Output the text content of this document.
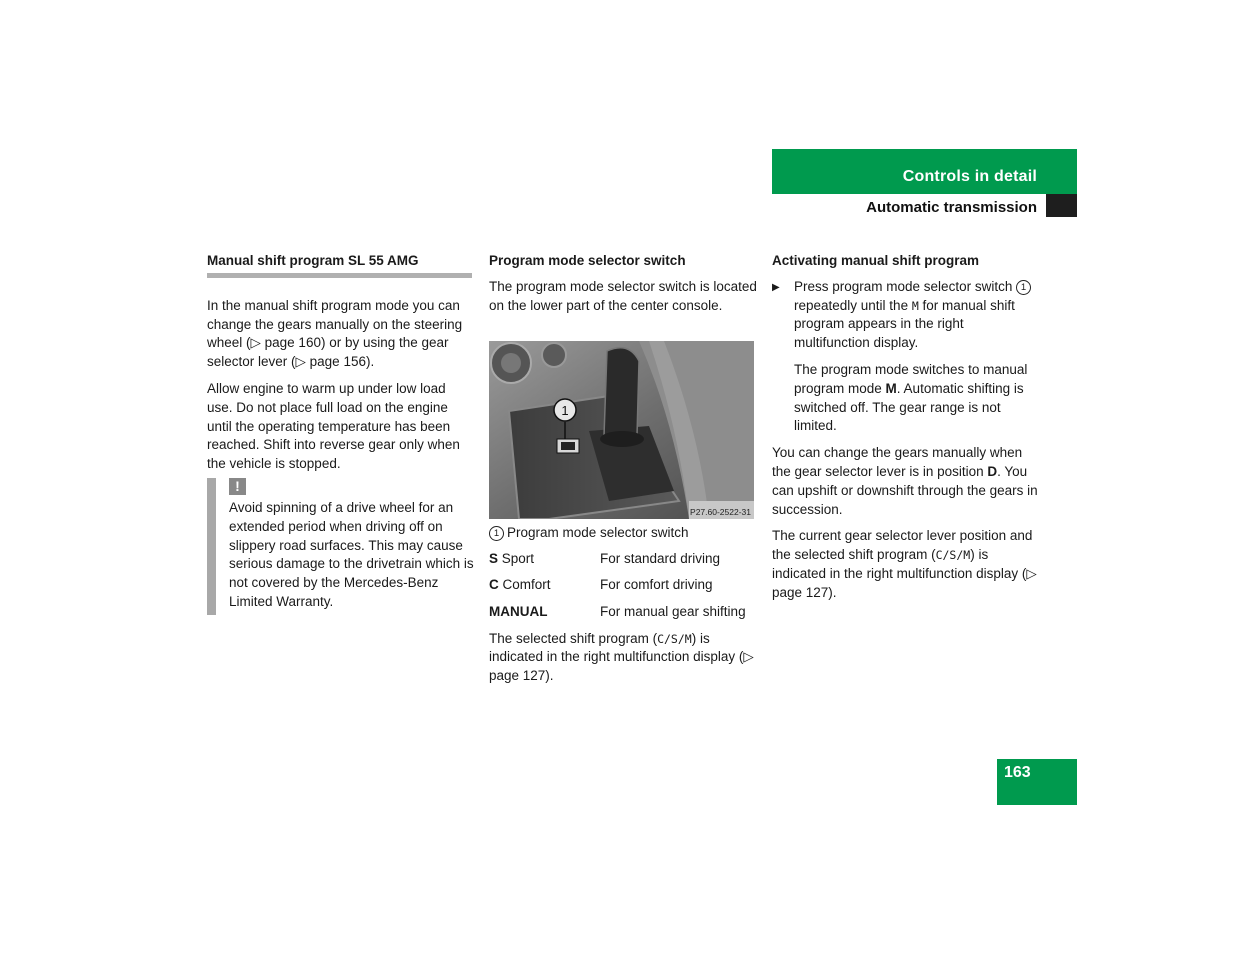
Controls in detail
Automatic transmission
Manual shift program SL 55 AMG

In the manual shift program mode you can change the gears manually on the steering wheel (▷ page 160) or by using the gear selector lever (▷ page 156).

Allow engine to warm up under low load use. Do not place full load on the engine until the operating temperature has been reached. Shift into reverse gear only when the vehicle is stopped.

!
Avoid spinning of a drive wheel for an extended period when driving off on slippery road surfaces. This may cause serious damage to the drivetrain which is not covered by the Mercedes-Benz Limited Warranty.
Program mode selector switch

The program mode selector switch is located on the lower part of the center console.

1
P27.60-2522-31
1 Program mode selector switch
S Sport	For standard driving
C Comfort	For comfort driving
MANUAL	For manual gear shifting

The selected shift program (C/S/M) is indicated in the right multifunction display (▷ page 127).

Activating manual shift program
▶	Press program mode selector switch 1 repeatedly until the M for manual shift program appears in the right multifunction display.

The program mode switches to manual program mode M. Automatic shifting is switched off. The gear range is not limited.

You can change the gears manually when the gear selector lever is in position D. You can upshift or downshift through the gears in succession.

The current gear selector lever position and the selected shift program (C/S/M) is indicated in the right multifunction display (▷ page 127).

163
